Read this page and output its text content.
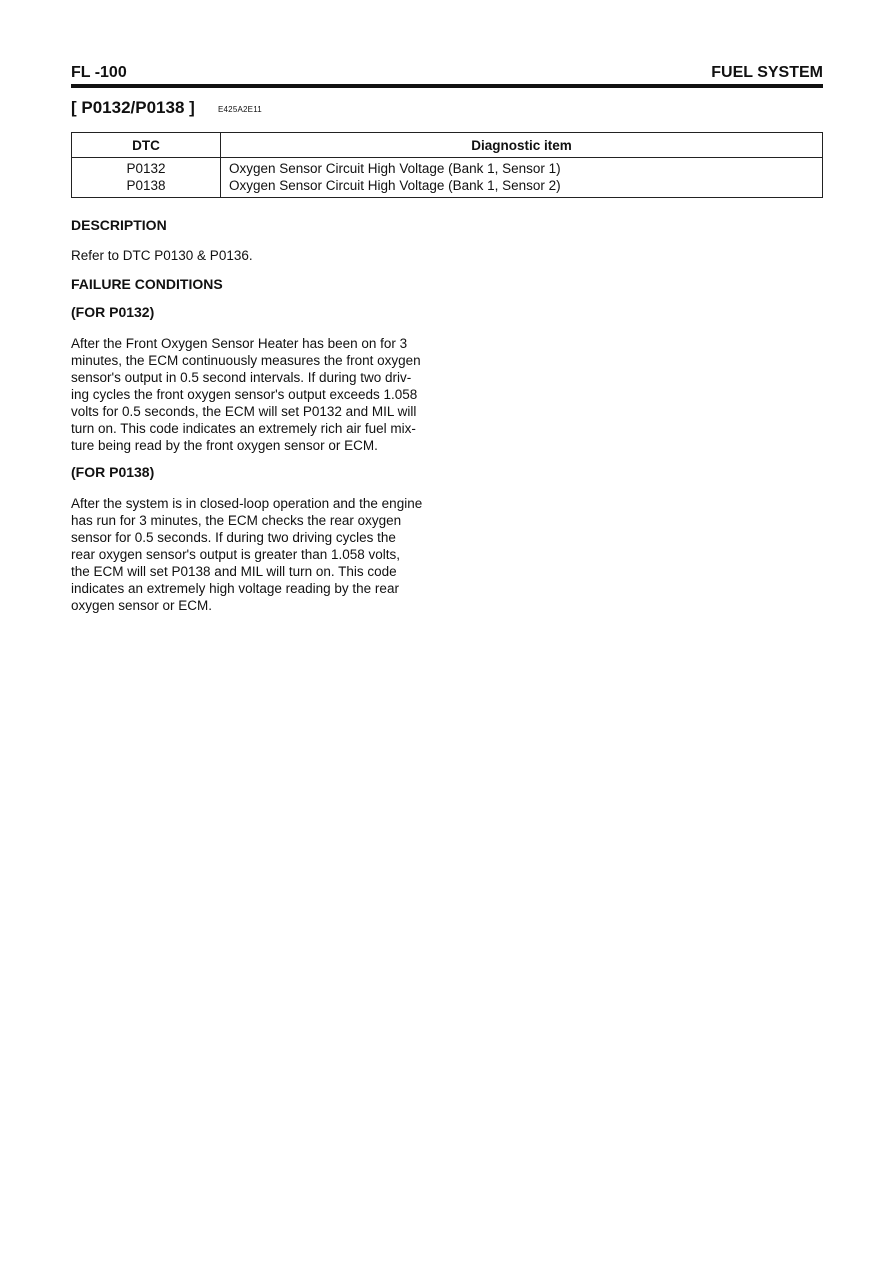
FL -100	FUEL SYSTEM
[ P0132/P0138 ]	E425A2E11
DTC	Diagnostic item
P0132	Oxygen Sensor Circuit High Voltage (Bank 1, Sensor 1)
P0138	Oxygen Sensor Circuit High Voltage (Bank 1, Sensor 2)
DESCRIPTION
Refer to DTC P0130 & P0136.
FAILURE CONDITIONS
(FOR P0132)
After the Front Oxygen Sensor Heater has been on for 3
minutes, the ECM continuously measures the front oxygen
sensor's output in 0.5 second intervals. If during two driv-
ing cycles the front oxygen sensor's output exceeds 1.058
volts for 0.5 seconds, the ECM will set P0132 and MIL will
turn on. This code indicates an extremely rich air fuel mix-
ture being read by the front oxygen sensor or ECM.
(FOR P0138)
After the system is in closed-loop operation and the engine
has run for 3 minutes, the ECM checks the rear oxygen
sensor for 0.5 seconds. If during two driving cycles the
rear oxygen sensor's output is greater than 1.058 volts,
the ECM will set P0138 and MIL will turn on. This code
indicates an extremely high voltage reading by the rear
oxygen sensor or ECM.
